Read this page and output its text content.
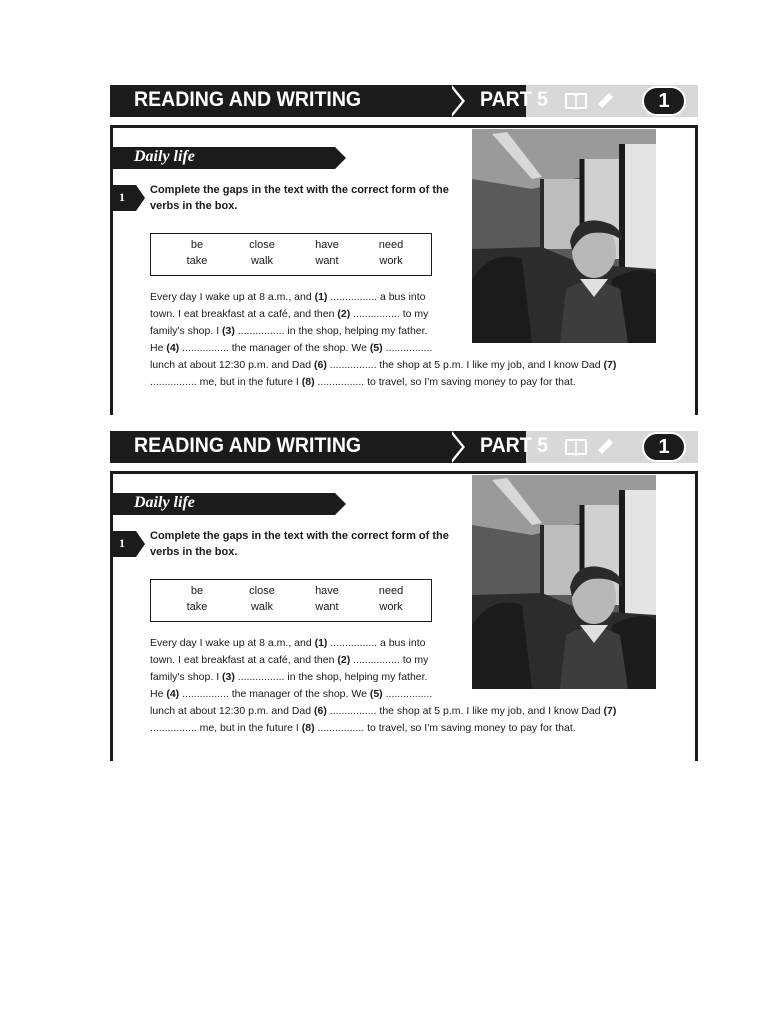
READING AND WRITING	PART 5	1
Daily life
1 Complete the gaps in the text with the correct form of the verbs in the box.
be	close	have	need
take	walk	want	work
Every day I wake up at 8 a.m., and (1) ................ a bus into
town. I eat breakfast at a café, and then (2) ................ to my
family's shop. I (3) ................ in the shop, helping my father.
He (4) ................ the manager of the shop. We (5) ................
lunch at about 12:30 p.m. and Dad (6) ................ the shop at 5 p.m. I like my job, and I know Dad (7)
................ me, but in the future I (8) ................ to travel, so I'm saving money to pay for that.
READING AND WRITING	PART 5	1
Daily life
1 Complete the gaps in the text with the correct form of the verbs in the box.
be	close	have	need
take	walk	want	work
Every day I wake up at 8 a.m., and (1) ................ a bus into
town. I eat breakfast at a café, and then (2) ................ to my
family's shop. I (3) ................ in the shop, helping my father.
He (4) ................ the manager of the shop. We (5) ................
lunch at about 12:30 p.m. and Dad (6) ................ the shop at 5 p.m. I like my job, and I know Dad (7)
................ me, but in the future I (8) ................ to travel, so I'm saving money to pay for that.
